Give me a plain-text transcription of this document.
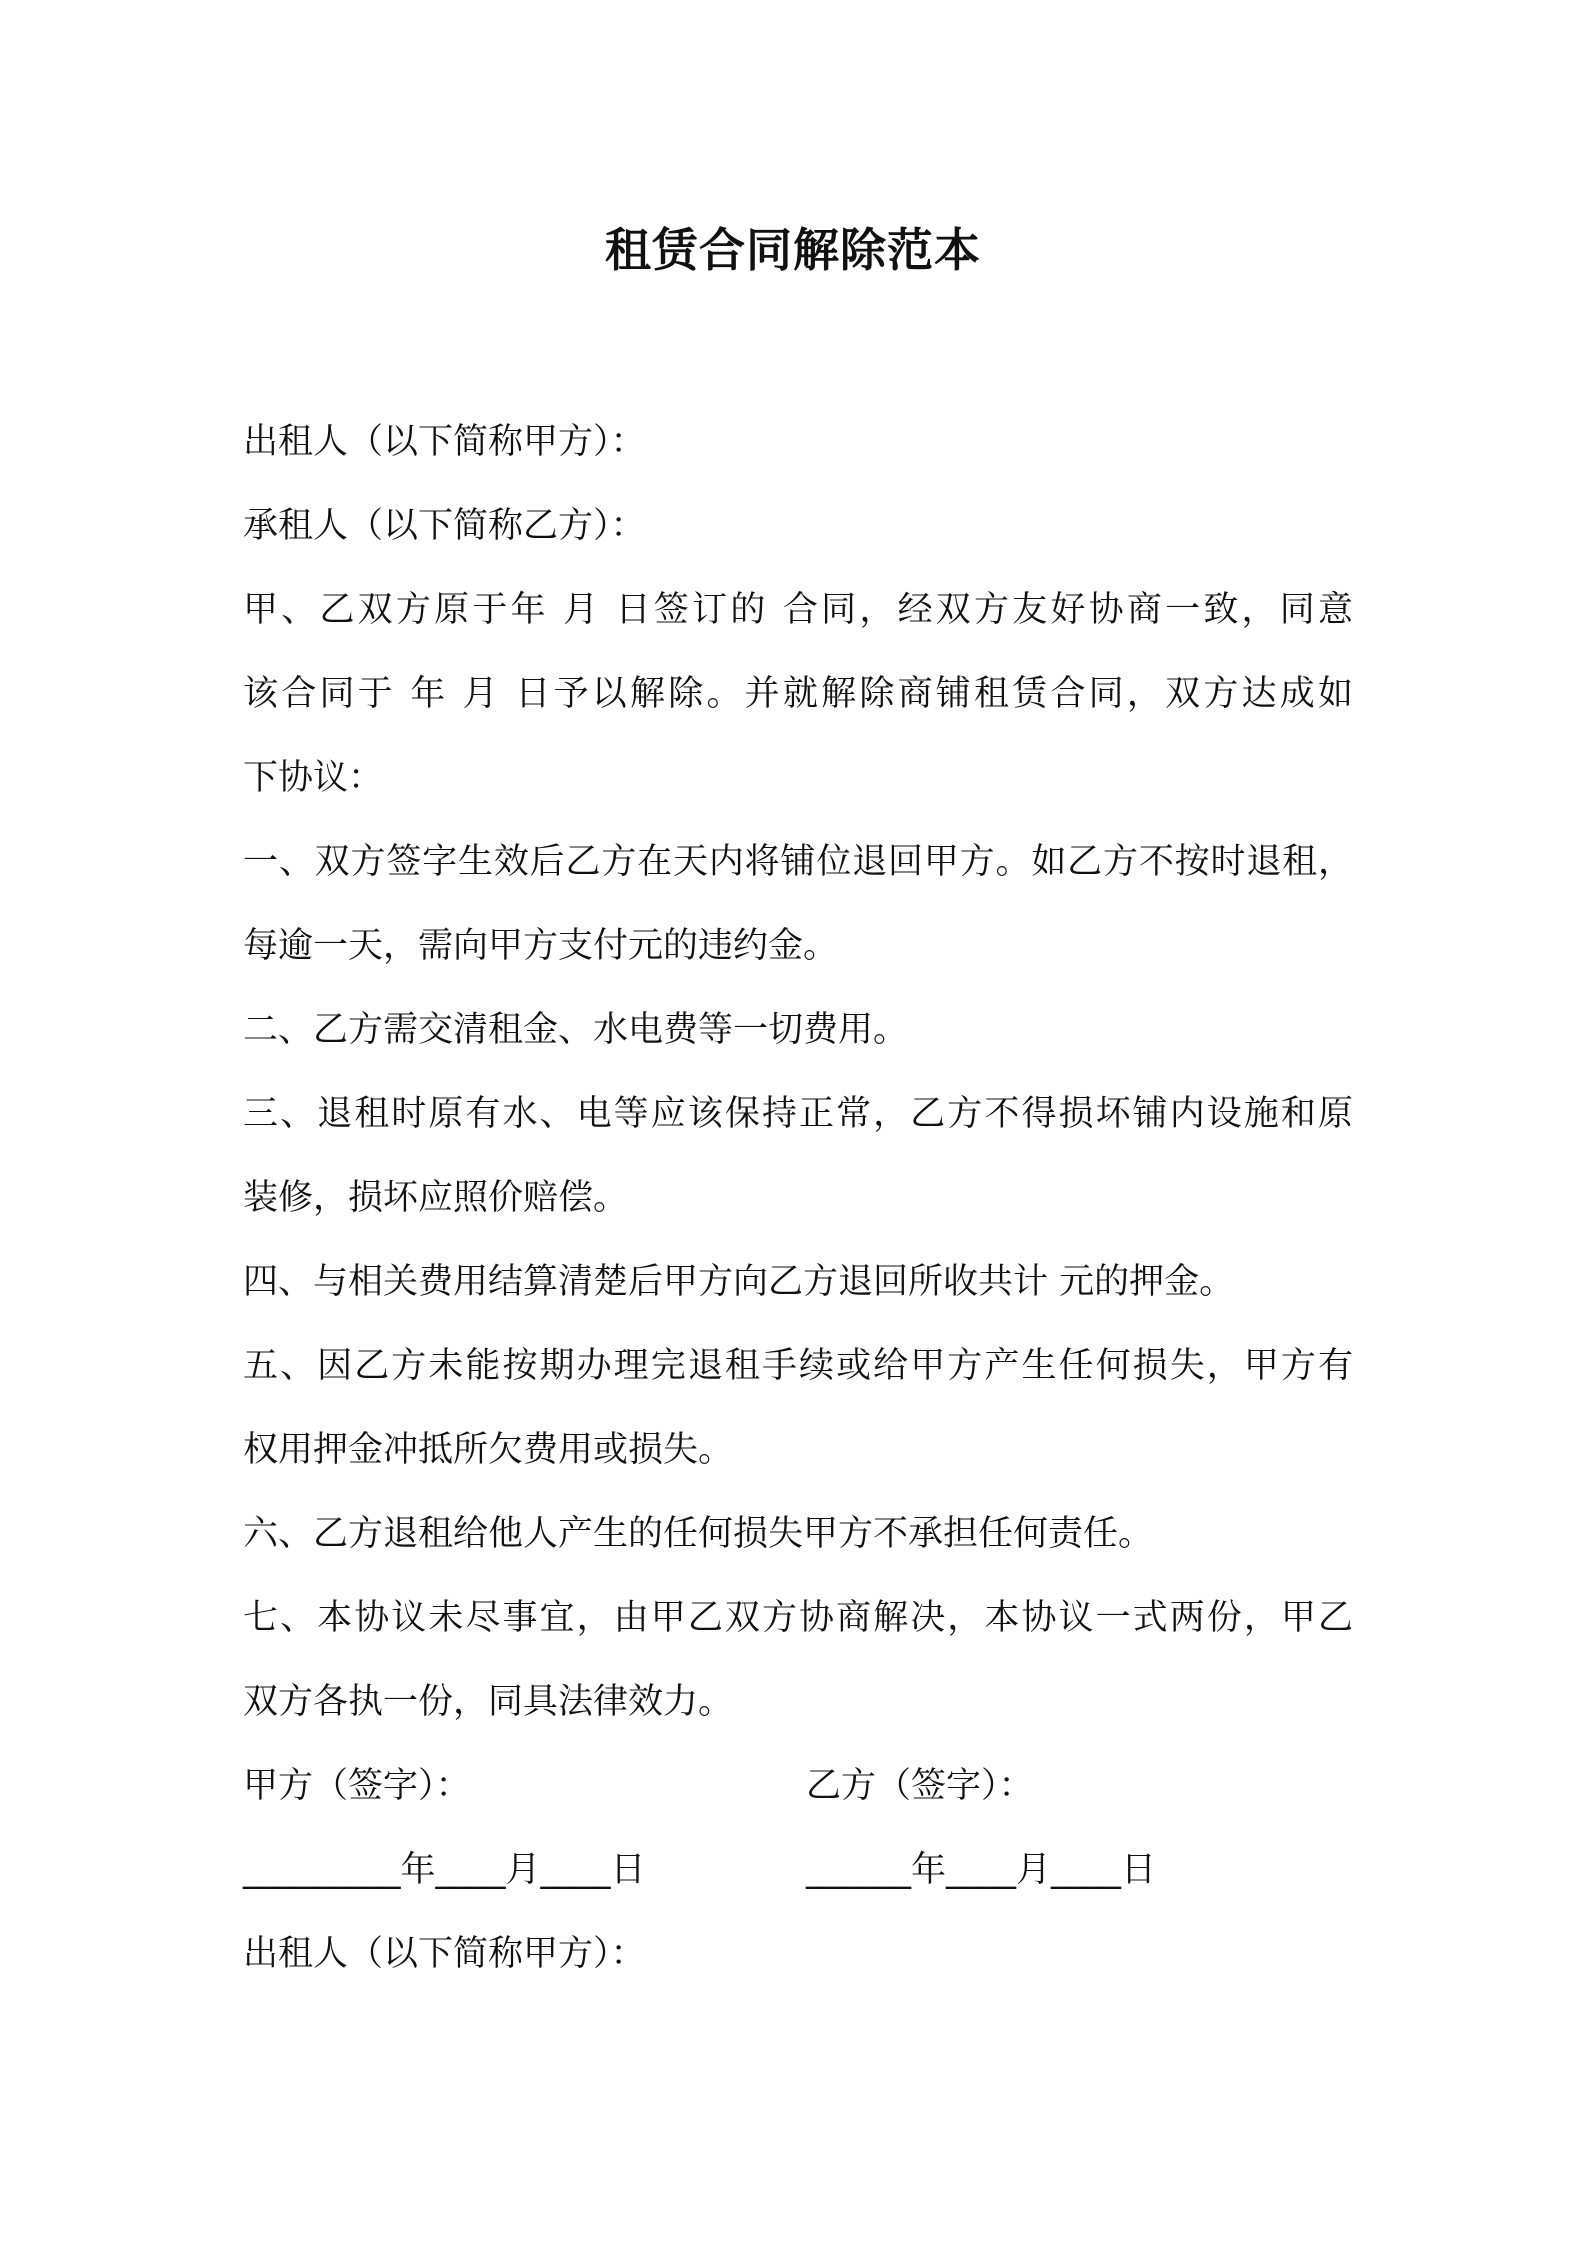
租赁合同解除范本
出租人（以下简称甲方）：
承租人（以下简称乙方）：
甲、乙双方原于年 月 日签订的 合同，经双方友好协商一致，同意
该合同于 年 月 日予以解除。并就解除商铺租赁合同，双方达成如
下协议：
一、双方签字生效后乙方在天内将铺位退回甲方。如乙方不按时退租，
每逾一天，需向甲方支付元的违约金。
二、乙方需交清租金、水电费等一切费用。
三、退租时原有水、电等应该保持正常，乙方不得损坏铺内设施和原
装修，损坏应照价赔偿。
四、与相关费用结算清楚后甲方向乙方退回所收共计 元的押金。
五、因乙方未能按期办理完退租手续或给甲方产生任何损失，甲方有
权用押金冲抵所欠费用或损失。
六、乙方退租给他人产生的任何损失甲方不承担任何责任。
七、本协议未尽事宜，由甲乙双方协商解决，本协议一式两份，甲乙
双方各执一份，同具法律效力。
甲方（签字）：	乙方（签字）：
_________年____月____日	______年____月____日
出租人（以下简称甲方）：
